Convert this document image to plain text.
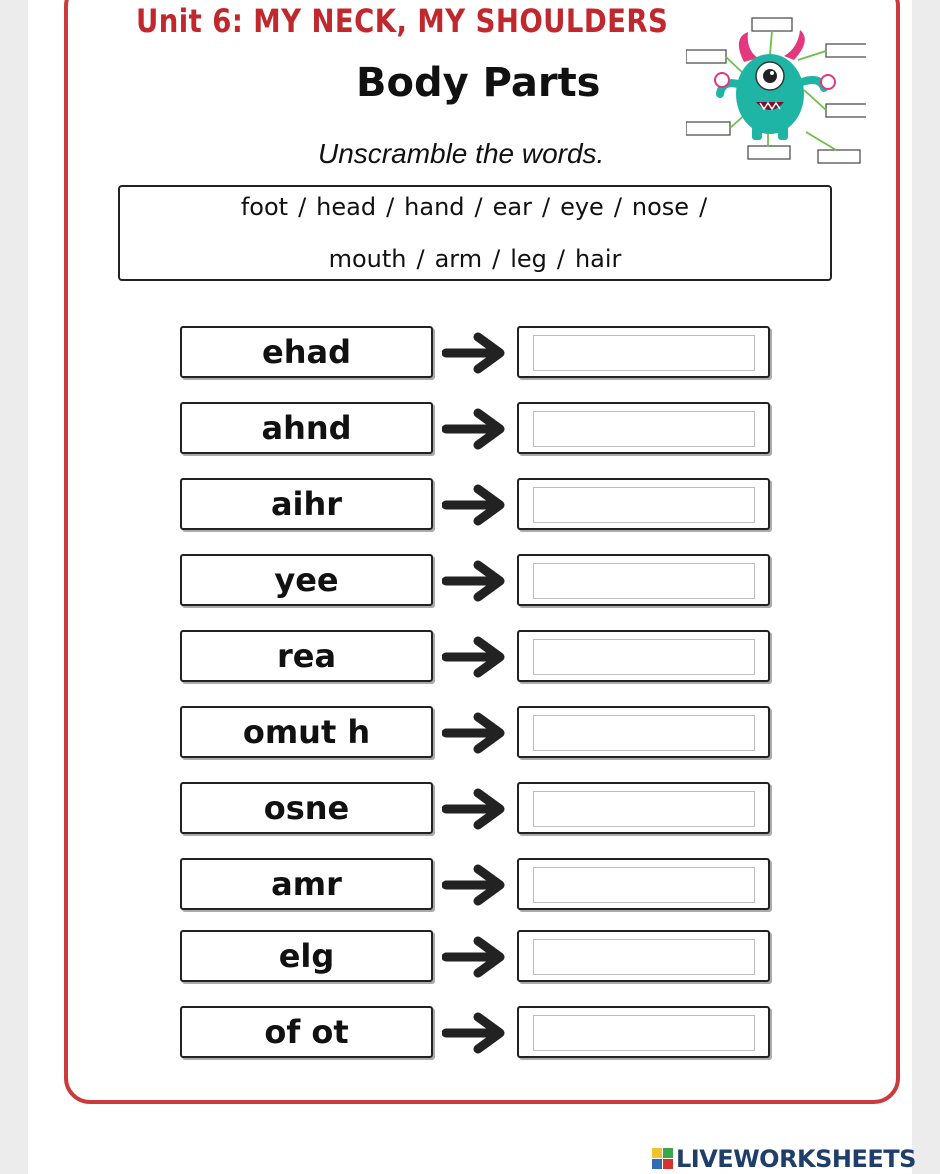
Unit 6: MY NECK, MY SHOULDERS
Body Parts
Unscramble the words.
foot / head / hand / ear / eye / nose /
mouth / arm / leg / hair
ehad
ahnd
aihr
yee
rea
omut h
osne
amr
elg
of ot
LIVEWORKSHEETS
